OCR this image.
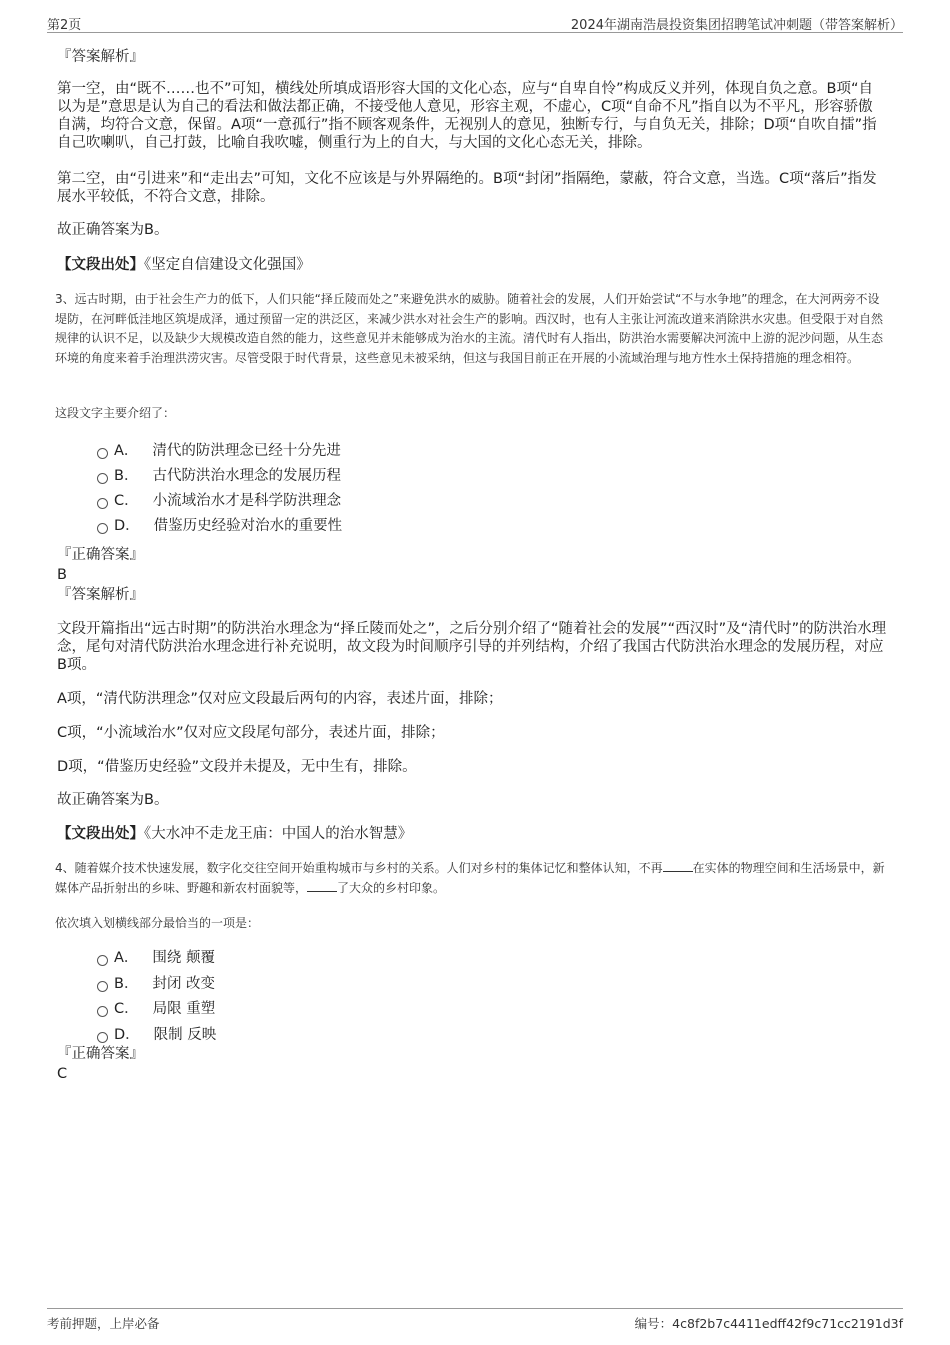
第2页	2024年湖南浩晨投资集团招聘笔试冲刺题（带答案解析）
『答案解析』
第一空，由“既不……也不”可知，横线处所填成语形容大国的文化心态，应与“自卑自怜”构成反义并列，体现自负之意。B项“自以为是”意思是认为自己的看法和做法都正确，不接受他人意见，形容主观，不虚心，C项“自命不凡”指自以为不平凡，形容骄傲自满，均符合文意，保留。A项“一意孤行”指不顾客观条件，无视别人的意见，独断专行，与自负无关，排除；D项“自吹自擂”指自己吹喇叭，自己打鼓，比喻自我吹嘘，侧重行为上的自大，与大国的文化心态无关，排除。
第二空，由“引进来”和“走出去”可知，文化不应该是与外界隔绝的。B项“封闭”指隔绝，蒙蔽，符合文意，当选。C项“落后”指发展水平较低，不符合文意，排除。
故正确答案为B。
【文段出处】《坚定自信建设文化强国》
3、远古时期，由于社会生产力的低下，人们只能“择丘陵而处之”来避免洪水的威胁。随着社会的发展，人们开始尝试“不与水争地”的理念，在大河两旁不设堤防，在河畔低洼地区筑堤成泽，通过预留一定的洪泛区，来减少洪水对社会生产的影响。西汉时，也有人主张让河流改道来消除洪水灾患。但受限于对自然规律的认识不足，以及缺少大规模改造自然的能力，这些意见并未能够成为治水的主流。清代时有人指出，防洪治水需要解决河流中上游的泥沙问题，从生态环境的角度来着手治理洪涝灾害。尽管受限于时代背景，这些意见未被采纳，但这与我国目前正在开展的小流域治理与地方性水土保持措施的理念相符。
这段文字主要介绍了：
A． 清代的防洪理念已经十分先进
B． 古代防洪治水理念的发展历程
C． 小流域治水才是科学防洪理念
D． 借鉴历史经验对治水的重要性
『正确答案』
B
『答案解析』
文段开篇指出“远古时期”的防洪治水理念为“择丘陵而处之”，之后分别介绍了“随着社会的发展”“西汉时”及“清代时”的防洪治水理念，尾句对清代防洪治水理念进行补充说明，故文段为时间顺序引导的并列结构，介绍了我国古代防洪治水理念的发展历程，对应B项。
A项，“清代防洪理念”仅对应文段最后两句的内容，表述片面，排除；
C项，“小流域治水”仅对应文段尾句部分，表述片面，排除；
D项，“借鉴历史经验”文段并未提及，无中生有，排除。
故正确答案为B。
【文段出处】《大水冲不走龙王庙：中国人的治水智慧》
4、随着媒介技术快速发展，数字化交往空间开始重构城市与乡村的关系。人们对乡村的集体记忆和整体认知，不再	在实体的物理空间和生活场景中，新媒体产品折射出的乡味、野趣和新农村面貌等，	了大众的乡村印象。
依次填入划横线部分最恰当的一项是：
A． 围绕 颠覆
B． 封闭 改变
C． 局限 重塑
D． 限制 反映
『正确答案』
C
考前押题，上岸必备	编号：4c8f2b7c4411edff42f9c71cc2191d3f
